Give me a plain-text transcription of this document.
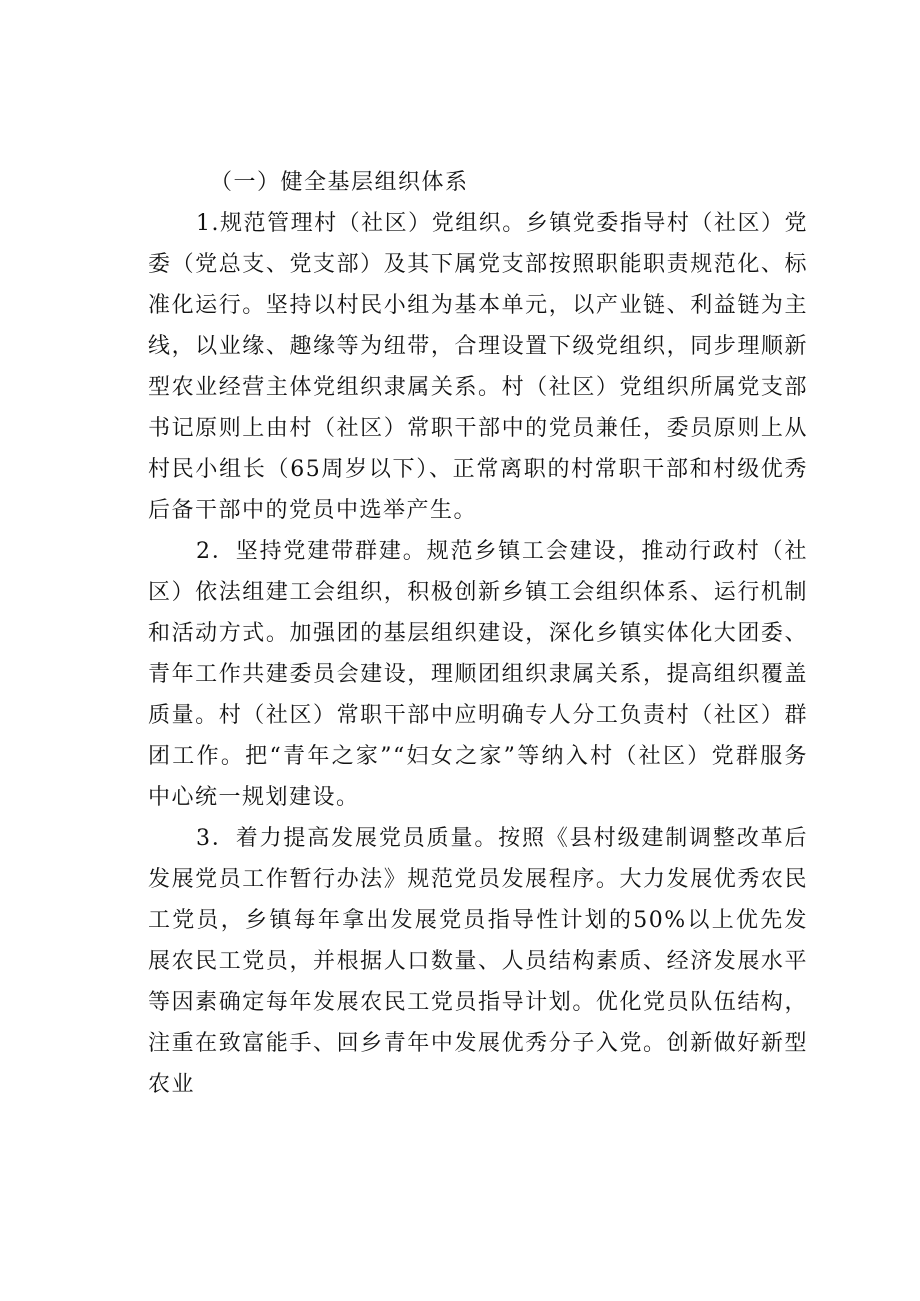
（一）健全基层组织体系

1.规范管理村（社区）党组织。乡镇党委指导村（社区）党委（党总支、党支部）及其下属党支部按照职能职责规范化、标准化运行。坚持以村民小组为基本单元，以产业链、利益链为主线，以业缘、趣缘等为纽带，合理设置下级党组织，同步理顺新型农业经营主体党组织隶属关系。村（社区）党组织所属党支部书记原则上由村（社区）常职干部中的党员兼任，委员原则上从村民小组长（65周岁以下）、正常离职的村常职干部和村级优秀后备干部中的党员中选举产生。

2．坚持党建带群建。规范乡镇工会建设，推动行政村（社区）依法组建工会组织，积极创新乡镇工会组织体系、运行机制和活动方式。加强团的基层组织建设，深化乡镇实体化大团委、青年工作共建委员会建设，理顺团组织隶属关系，提高组织覆盖质量。村（社区）常职干部中应明确专人分工负责村（社区）群团工作。把“青年之家”“妇女之家”等纳入村（社区）党群服务中心统一规划建设。

3．着力提高发展党员质量。按照《县村级建制调整改革后发展党员工作暂行办法》规范党员发展程序。大力发展优秀农民工党员，乡镇每年拿出发展党员指导性计划的50%以上优先发展农民工党员，并根据人口数量、人员结构素质、经济发展水平等因素确定每年发展农民工党员指导计划。优化党员队伍结构，注重在致富能手、回乡青年中发展优秀分子入党。创新做好新型农业
